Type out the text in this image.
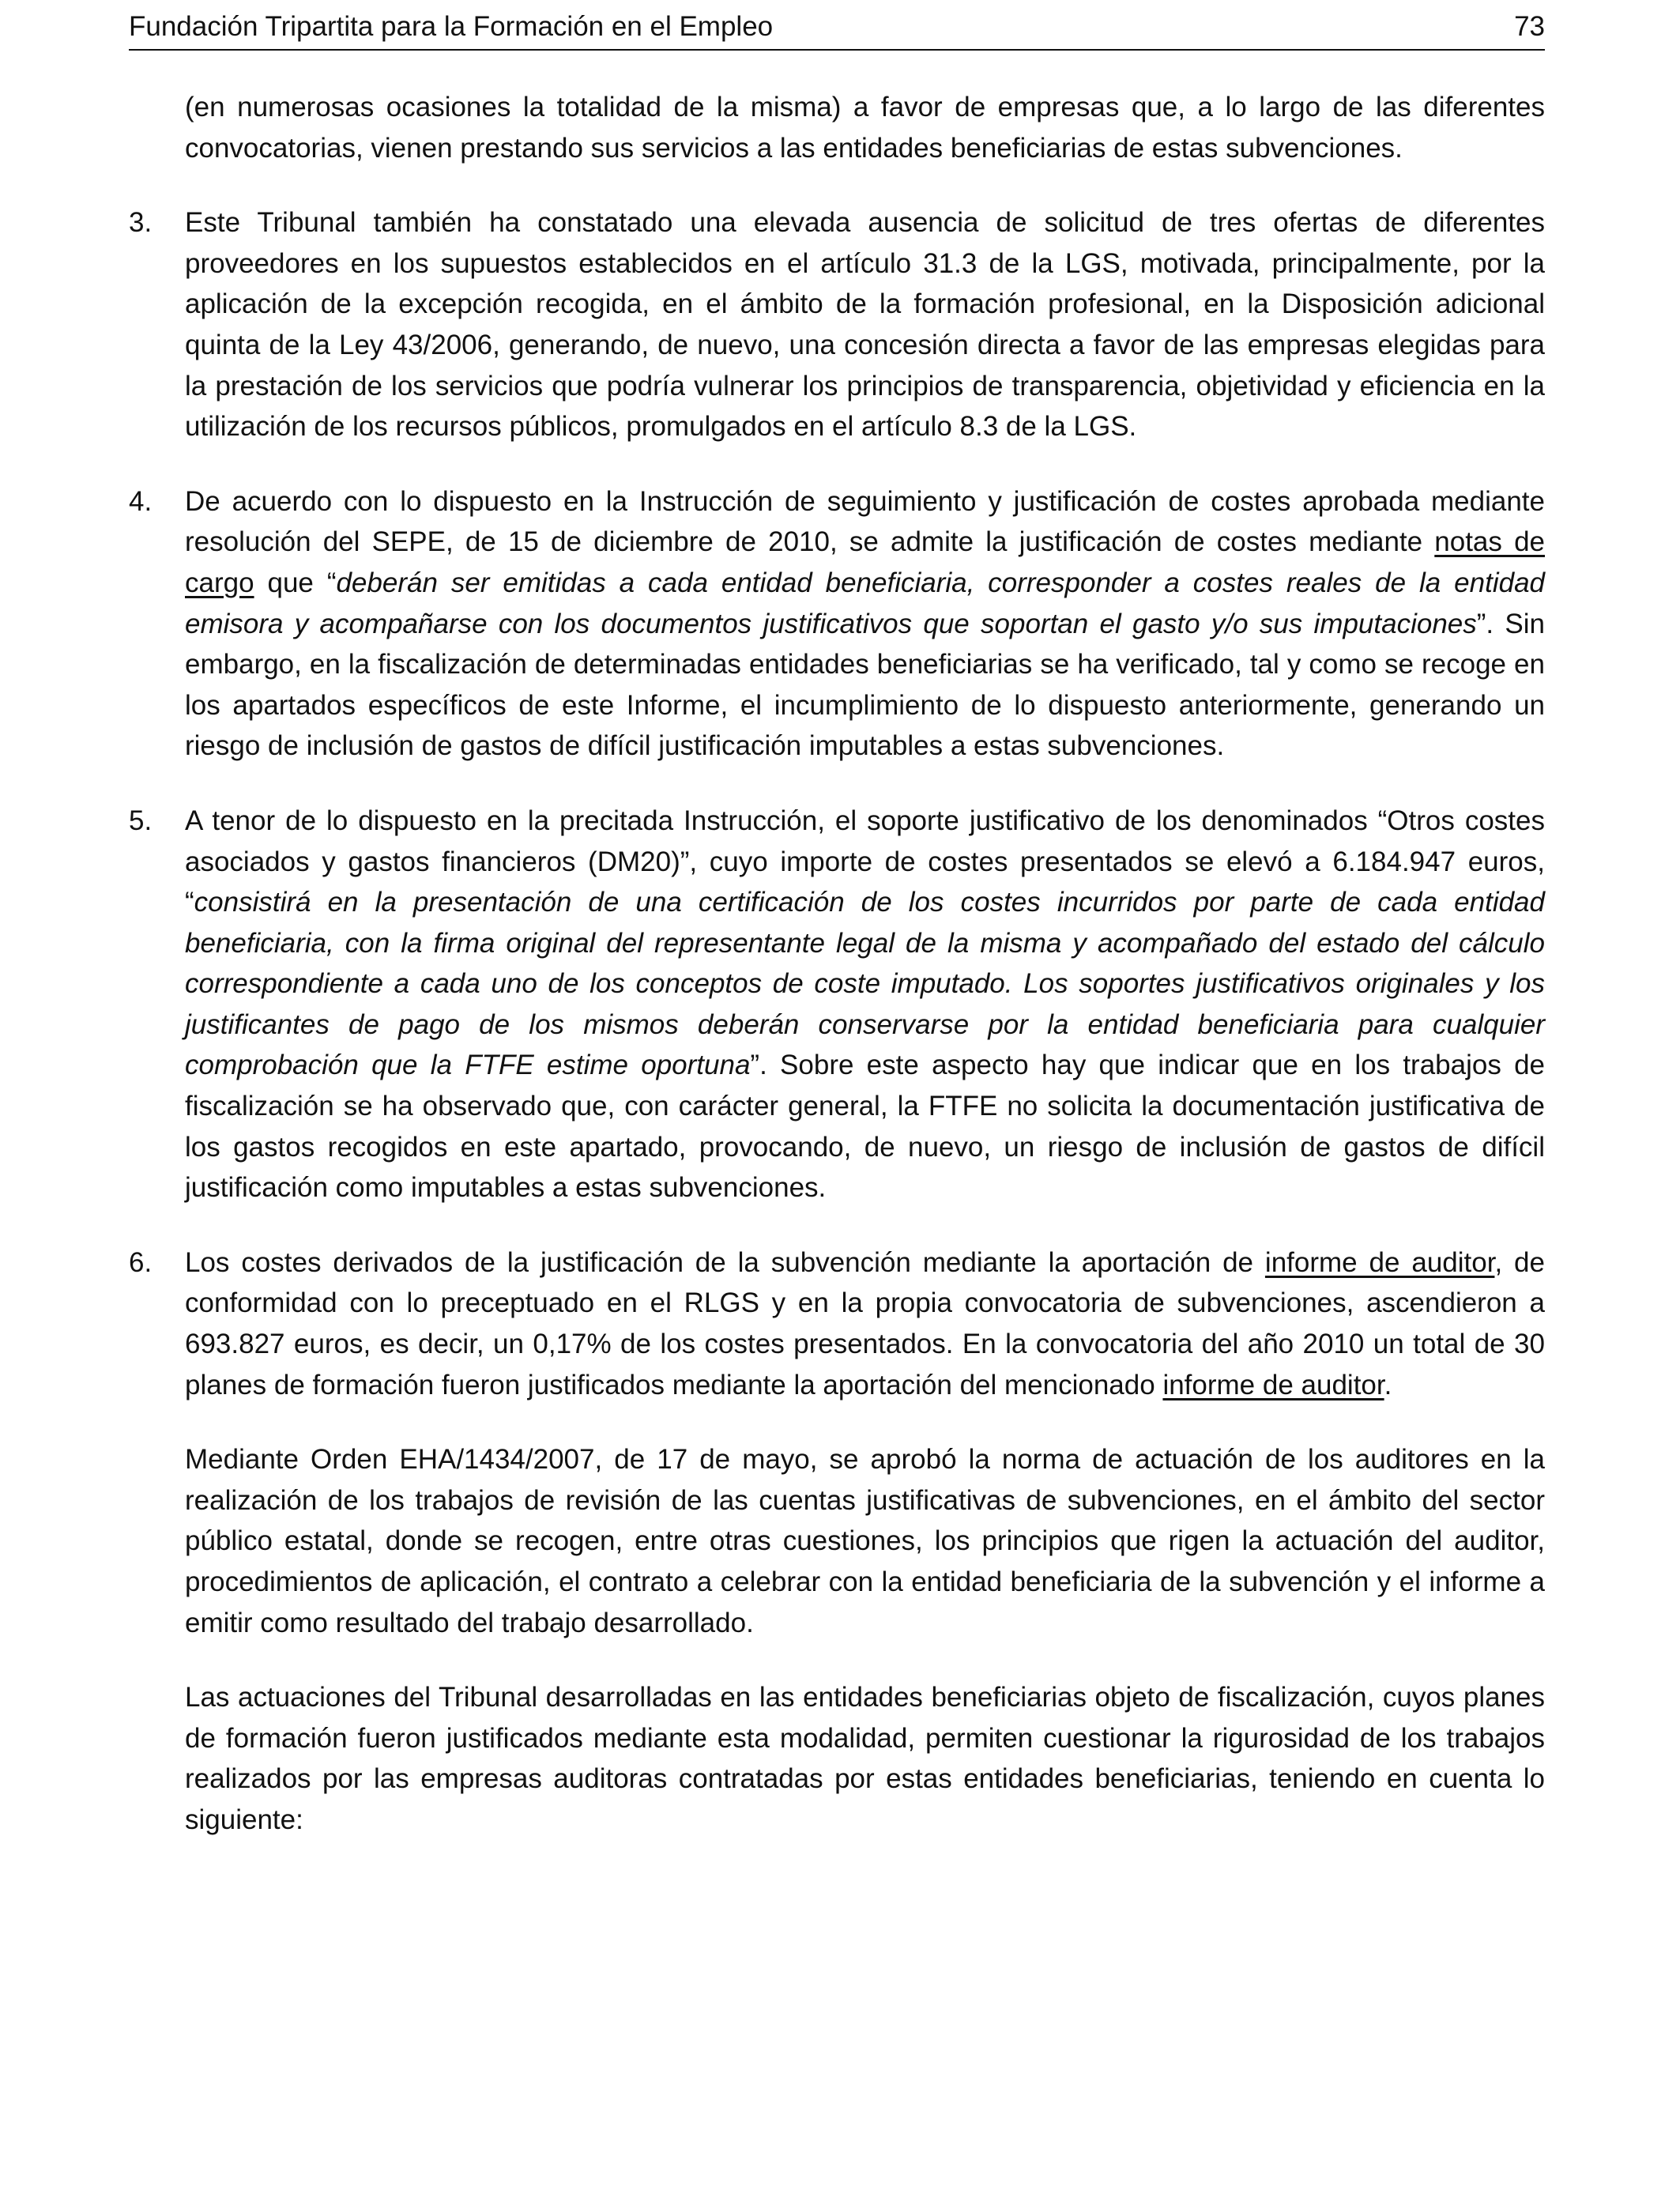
Fundación Tripartita para la Formación en el Empleo	73
(en numerosas ocasiones la totalidad de la misma) a favor de empresas que, a lo largo de las diferentes convocatorias, vienen prestando sus servicios a las entidades beneficiarias de estas subvenciones.
3. Este Tribunal también ha constatado una elevada ausencia de solicitud de tres ofertas de diferentes proveedores en los supuestos establecidos en el artículo 31.3 de la LGS, motivada, principalmente, por la aplicación de la excepción recogida, en el ámbito de la formación profesional, en la Disposición adicional quinta de la Ley 43/2006, generando, de nuevo, una concesión directa a favor de las empresas elegidas para la prestación de los servicios que podría vulnerar los principios de transparencia, objetividad y eficiencia en la utilización de los recursos públicos, promulgados en el artículo 8.3 de la LGS.
4. De acuerdo con lo dispuesto en la Instrucción de seguimiento y justificación de costes aprobada mediante resolución del SEPE, de 15 de diciembre de 2010, se admite la justificación de costes mediante notas de cargo que “deberán ser emitidas a cada entidad beneficiaria, corresponder a costes reales de la entidad emisora y acompañarse con los documentos justificativos que soportan el gasto y/o sus imputaciones”. Sin embargo, en la fiscalización de determinadas entidades beneficiarias se ha verificado, tal y como se recoge en los apartados específicos de este Informe, el incumplimiento de lo dispuesto anteriormente, generando un riesgo de inclusión de gastos de difícil justificación imputables a estas subvenciones.
5. A tenor de lo dispuesto en la precitada Instrucción, el soporte justificativo de los denominados “Otros costes asociados y gastos financieros (DM20)”, cuyo importe de costes presentados se elevó a 6.184.947 euros, “consistirá en la presentación de una certificación de los costes incurridos por parte de cada entidad beneficiaria, con la firma original del representante legal de la misma y acompañado del estado del cálculo correspondiente a cada uno de los conceptos de coste imputado. Los soportes justificativos originales y los justificantes de pago de los mismos deberán conservarse por la entidad beneficiaria para cualquier comprobación que la FTFE estime oportuna”. Sobre este aspecto hay que indicar que en los trabajos de fiscalización se ha observado que, con carácter general, la FTFE no solicita la documentación justificativa de los gastos recogidos en este apartado, provocando, de nuevo, un riesgo de inclusión de gastos de difícil justificación como imputables a estas subvenciones.
6. Los costes derivados de la justificación de la subvención mediante la aportación de informe de auditor, de conformidad con lo preceptuado en el RLGS y en la propia convocatoria de subvenciones, ascendieron a 693.827 euros, es decir, un 0,17% de los costes presentados. En la convocatoria del año 2010 un total de 30 planes de formación fueron justificados mediante la aportación del mencionado informe de auditor.
Mediante Orden EHA/1434/2007, de 17 de mayo, se aprobó la norma de actuación de los auditores en la realización de los trabajos de revisión de las cuentas justificativas de subvenciones, en el ámbito del sector público estatal, donde se recogen, entre otras cuestiones, los principios que rigen la actuación del auditor, procedimientos de aplicación, el contrato a celebrar con la entidad beneficiaria de la subvención y el informe a emitir como resultado del trabajo desarrollado.
Las actuaciones del Tribunal desarrolladas en las entidades beneficiarias objeto de fiscalización, cuyos planes de formación fueron justificados mediante esta modalidad, permiten cuestionar la rigurosidad de los trabajos realizados por las empresas auditoras contratadas por estas entidades beneficiarias, teniendo en cuenta lo siguiente:
